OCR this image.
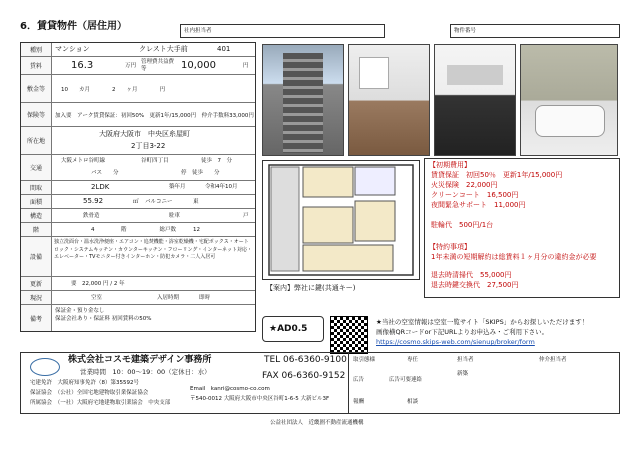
6．賃貸物件（居住用）	社内担当者	物件番号
種別	マンション	クレスト大手前	401
賃料	16.3	万円
管理費共益費等	10,000	円
敷金等	10　　カ月　　　　2　　ヶ月　　　　円
保険等	加入要　アーク賃貸保証：初回50%　更新1年/15,000円　仲介手数料33,000円
所在地
大阪府大阪市　中央区糸屋町
2丁目3-22
交通
大阪メトロ谷町線	谷町四丁目	徒歩　7　分
バス　　分	停　徒歩　　分
間取	2LDK	築年月	令和4年10月
面積	55.92	㎡ バルコニー	東
構造	鉄骨造	駐車	戸
階	4	階　　　　　　総戸数	12
設備
独立洗面台・温水洗浄便座・エアコン・追焚機能・浴室乾燥機・宅配ボックス・オートロック・システムキッチン・カウンターキッチン・フローリング・インターネット対応・エレベーター・TVモニター付きインターホン・防犯カメラ・二人入居可
更新	要　22,000 円 / 2 年
現況	空室	入居時期	即時
備考
保証金・預り金なし
保証会社あり・保証料 初回賃料の50%
【初期費用】
賃貸保証　初回50％　更新1年/15,000円
火災保険　22,000円
クリーンコート　16,500円
夜間緊急サポート　11,000円
駐輪代　500円/1台
【特約事項】
1年未満の短期解約は総賃料１ヶ月分の違約金が必要
退去時清掃代　55,000円
退去時鍵交換代　27,500円
【案内】弊社に鍵(共通キー)
★AD0.5
★当社の空室情報は空室一覧サイト「SKIPS」からお探しいただけます！
画像横QRコードor下記URLよりお申込み・ご利用下さい。
https://cosmo.skips-web.com/sienup/broker/form
株式会社コスモ建築デザイン事務所
営業時間　10：00～19：00（定休日：水）
宅建免許　大阪府知事免許（8）第35592号
保証協会　（公社）全国宅地建物取引業保証協会
所属協会　（一社）大阪府宅地建物取引業協会　中央支部
TEL 06-6360-9100
FAX 06-6360-9152
Email　kanri@cosmo-co.com
〒540-0012 大阪府大阪市中央区谷町1-6-5 大新ビル3F
取引態様	専任	担当者	仲介担当者
広告	広告可要連絡
新築
報酬	相談
公益社団法人　近畿圏不動産流通機構
